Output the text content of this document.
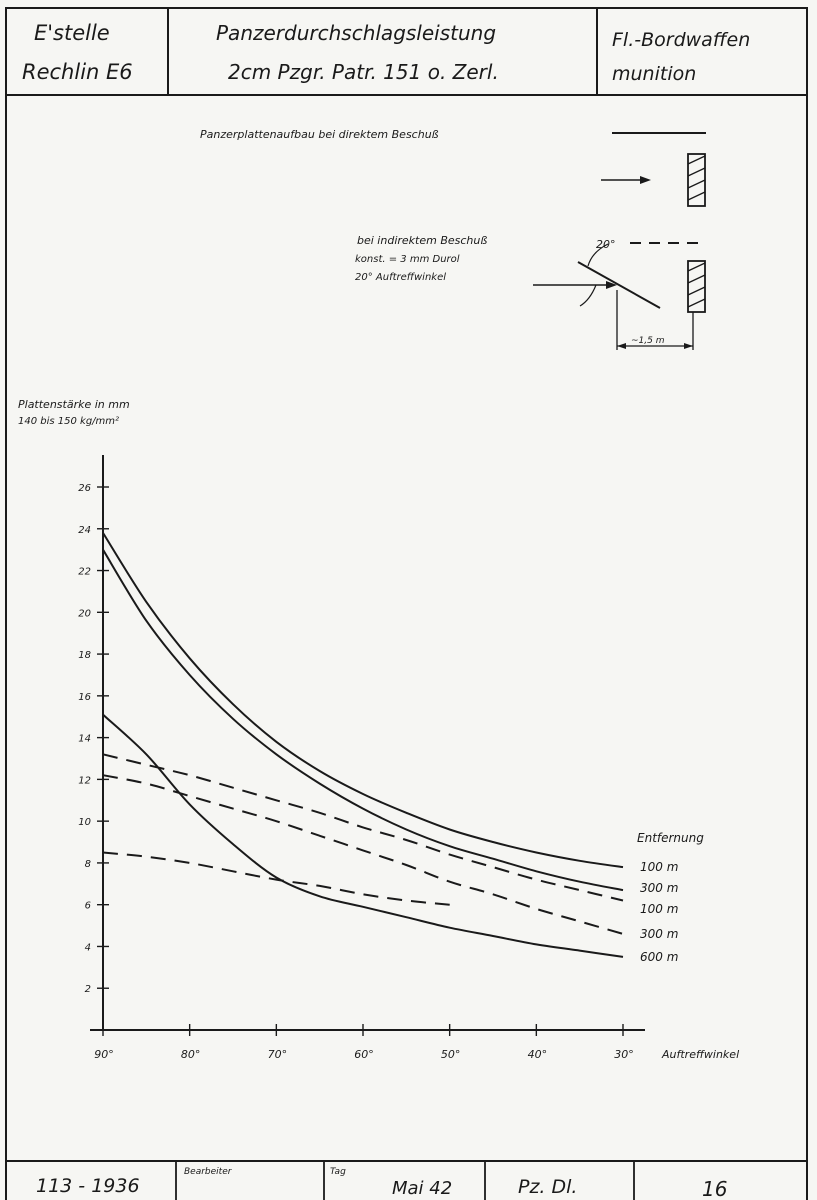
E'stelle
Rechlin E6
Panzerdurchschlagsleistung
2cm Pzgr. Patr. 151 o. Zerl.
Fl.-Bordwaffen
munition
Panzerplattenaufbau bei direktem Beschuß
bei indirektem Beschuß
konst. = 3 mm Durol
20° Auftreffwinkel
20°
~1,5 m
Plattenstärke in mm
140 bis 150 kg/mm²
Auftreffwinkel
Entfernung
2
4
6
8
10
12
14
16
18
20
22
24
26
90°	80°	70°	60°	50°	40°	30°
100 m
300 m
100 m
300 m
600 m
113 - 1936
Bearbeiter	Tag
Mai 42	Pz. Dl.	16
